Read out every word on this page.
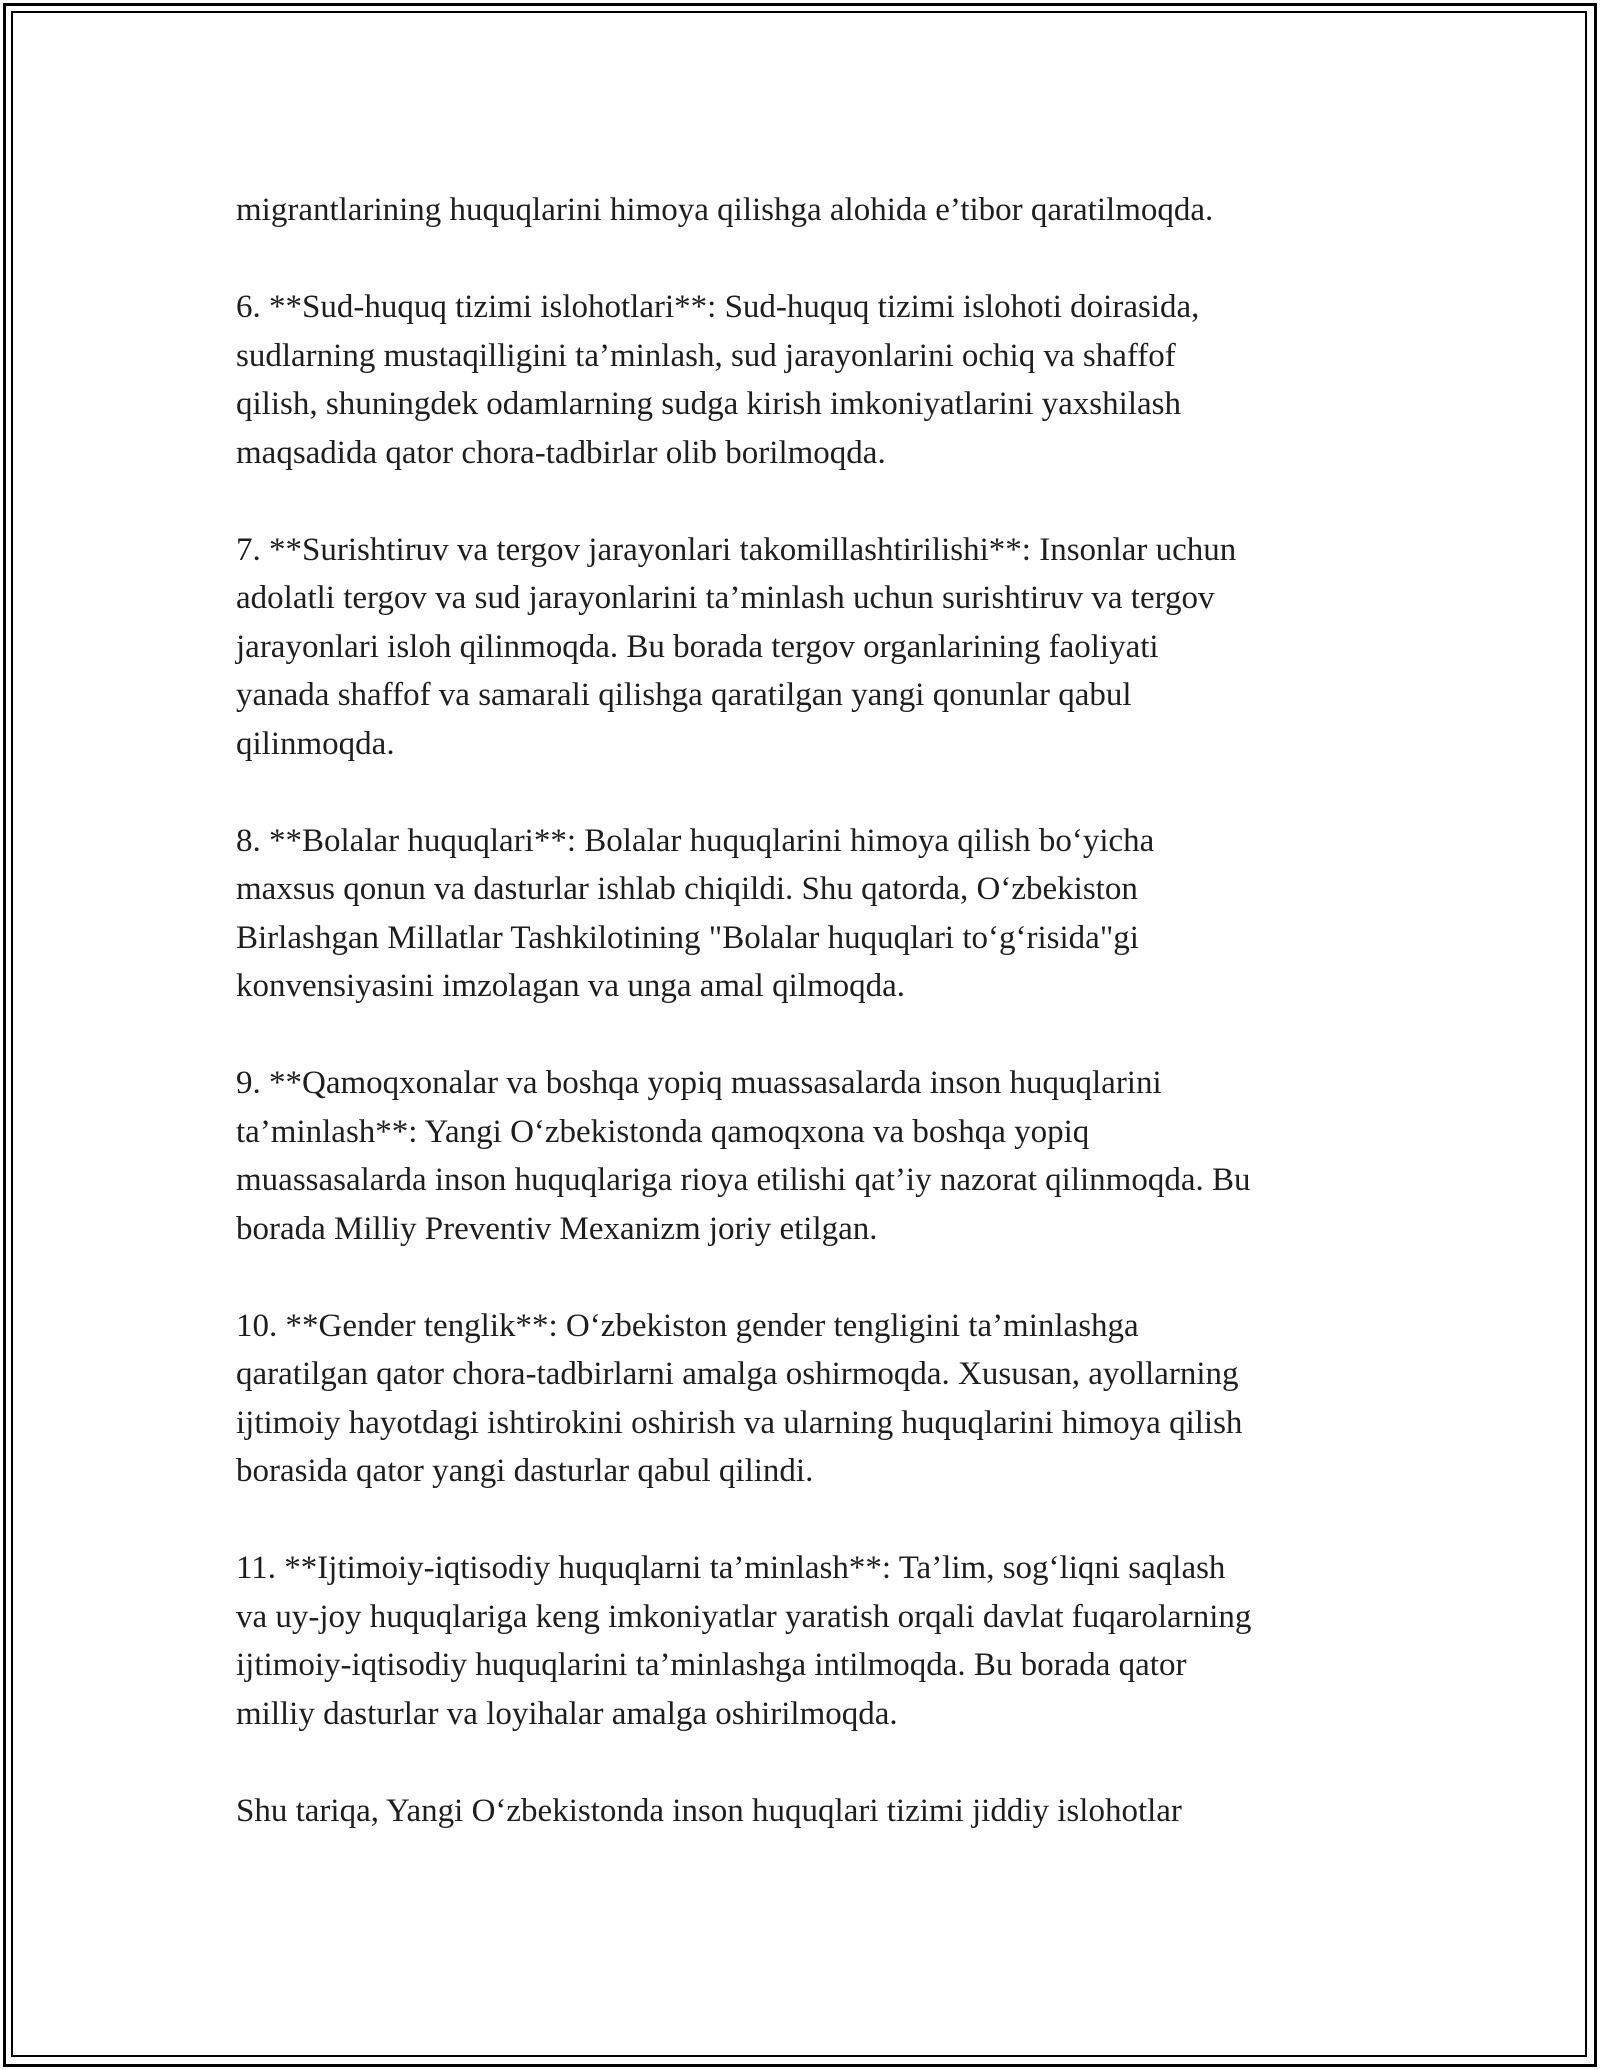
migrantlarining huquqlarini himoya qilishga alohida e’tibor qaratilmoqda.
6. **Sud-huquq tizimi islohotlari**: Sud-huquq tizimi islohoti doirasida,
sudlarning mustaqilligini ta’minlash, sud jarayonlarini ochiq va shaffof
qilish, shuningdek odamlarning sudga kirish imkoniyatlarini yaxshilash
maqsadida qator chora-tadbirlar olib borilmoqda.
7. **Surishtiruv va tergov jarayonlari takomillashtirilishi**: Insonlar uchun
adolatli tergov va sud jarayonlarini ta’minlash uchun surishtiruv va tergov
jarayonlari isloh qilinmoqda. Bu borada tergov organlarining faoliyati
yanada shaffof va samarali qilishga qaratilgan yangi qonunlar qabul
qilinmoqda.
8. **Bolalar huquqlari**: Bolalar huquqlarini himoya qilish bo‘yicha
maxsus qonun va dasturlar ishlab chiqildi. Shu qatorda, O‘zbekiston
Birlashgan Millatlar Tashkilotining "Bolalar huquqlari to‘g‘risida"gi
konvensiyasini imzolagan va unga amal qilmoqda.
9. **Qamoqxonalar va boshqa yopiq muassasalarda inson huquqlarini
ta’minlash**: Yangi O‘zbekistonda qamoqxona va boshqa yopiq
muassasalarda inson huquqlariga rioya etilishi qat’iy nazorat qilinmoqda. Bu
borada Milliy Preventiv Mexanizm joriy etilgan.
10. **Gender tenglik**: O‘zbekiston gender tengligini ta’minlashga
qaratilgan qator chora-tadbirlarni amalga oshirmoqda. Xususan, ayollarning
ijtimoiy hayotdagi ishtirokini oshirish va ularning huquqlarini himoya qilish
borasida qator yangi dasturlar qabul qilindi.
11. **Ijtimoiy-iqtisodiy huquqlarni ta’minlash**: Ta’lim, sog‘liqni saqlash
va uy-joy huquqlariga keng imkoniyatlar yaratish orqali davlat fuqarolarning
ijtimoiy-iqtisodiy huquqlarini ta’minlashga intilmoqda. Bu borada qator
milliy dasturlar va loyihalar amalga oshirilmoqda.
Shu tariqa, Yangi O‘zbekistonda inson huquqlari tizimi jiddiy islohotlar
